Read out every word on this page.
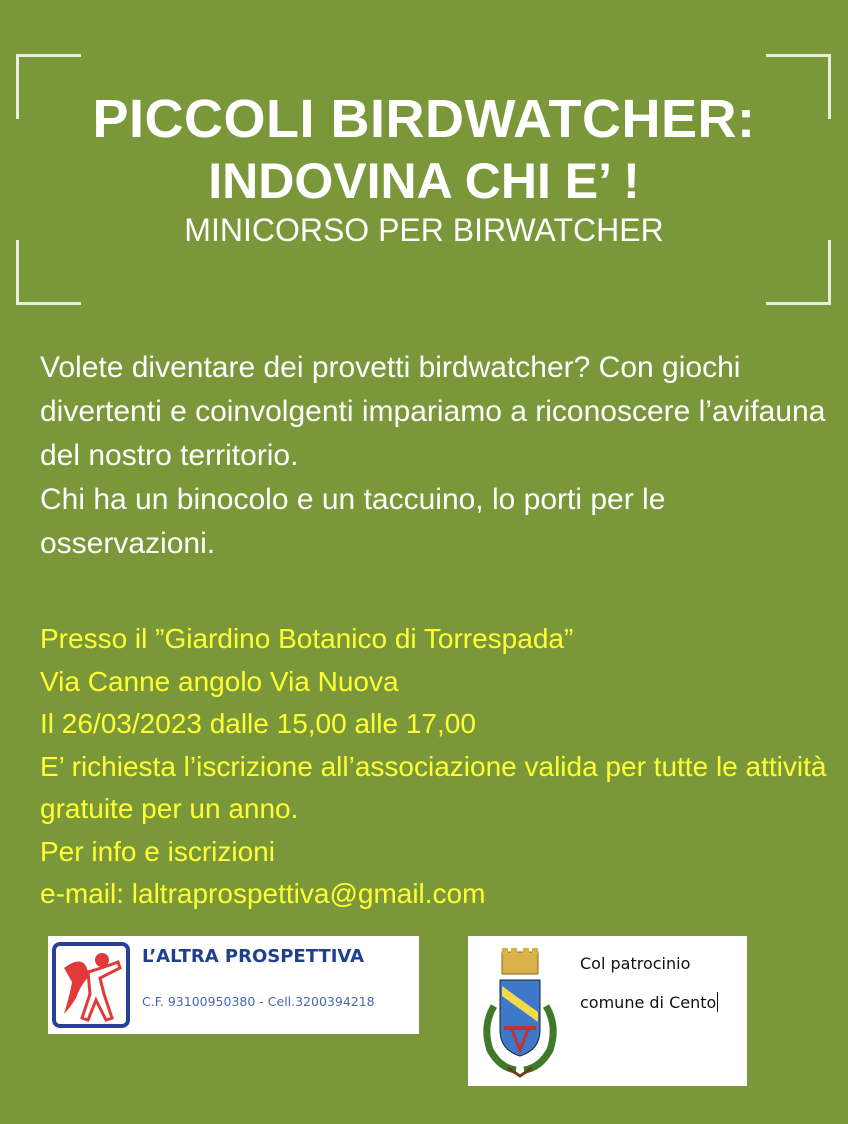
PICCOLI BIRDWATCHER:
INDOVINA CHI E’ !
MINICORSO PER BIRWATCHER

Volete diventare dei provetti birdwatcher? Con giochi divertenti e coinvolgenti impariamo a riconoscere l’avifauna del nostro territorio.

Chi ha un binocolo e un taccuino, lo porti per le osservazioni.

Presso il ”Giardino Botanico di Torrespada”
Via Canne angolo Via Nuova
Il 26/03/2023 dalle 15,00 alle 17,00
E’ richiesta l’iscrizione all’associazione valida per tutte le attività gratuite per un anno.
Per info e iscrizioni
e-mail: laltraprospettiva@gmail.com
L’ALTRA PROSPETTIVA
C.F. 93100950380 - Cell.3200394218
Col patrocinio
comune di Cento
